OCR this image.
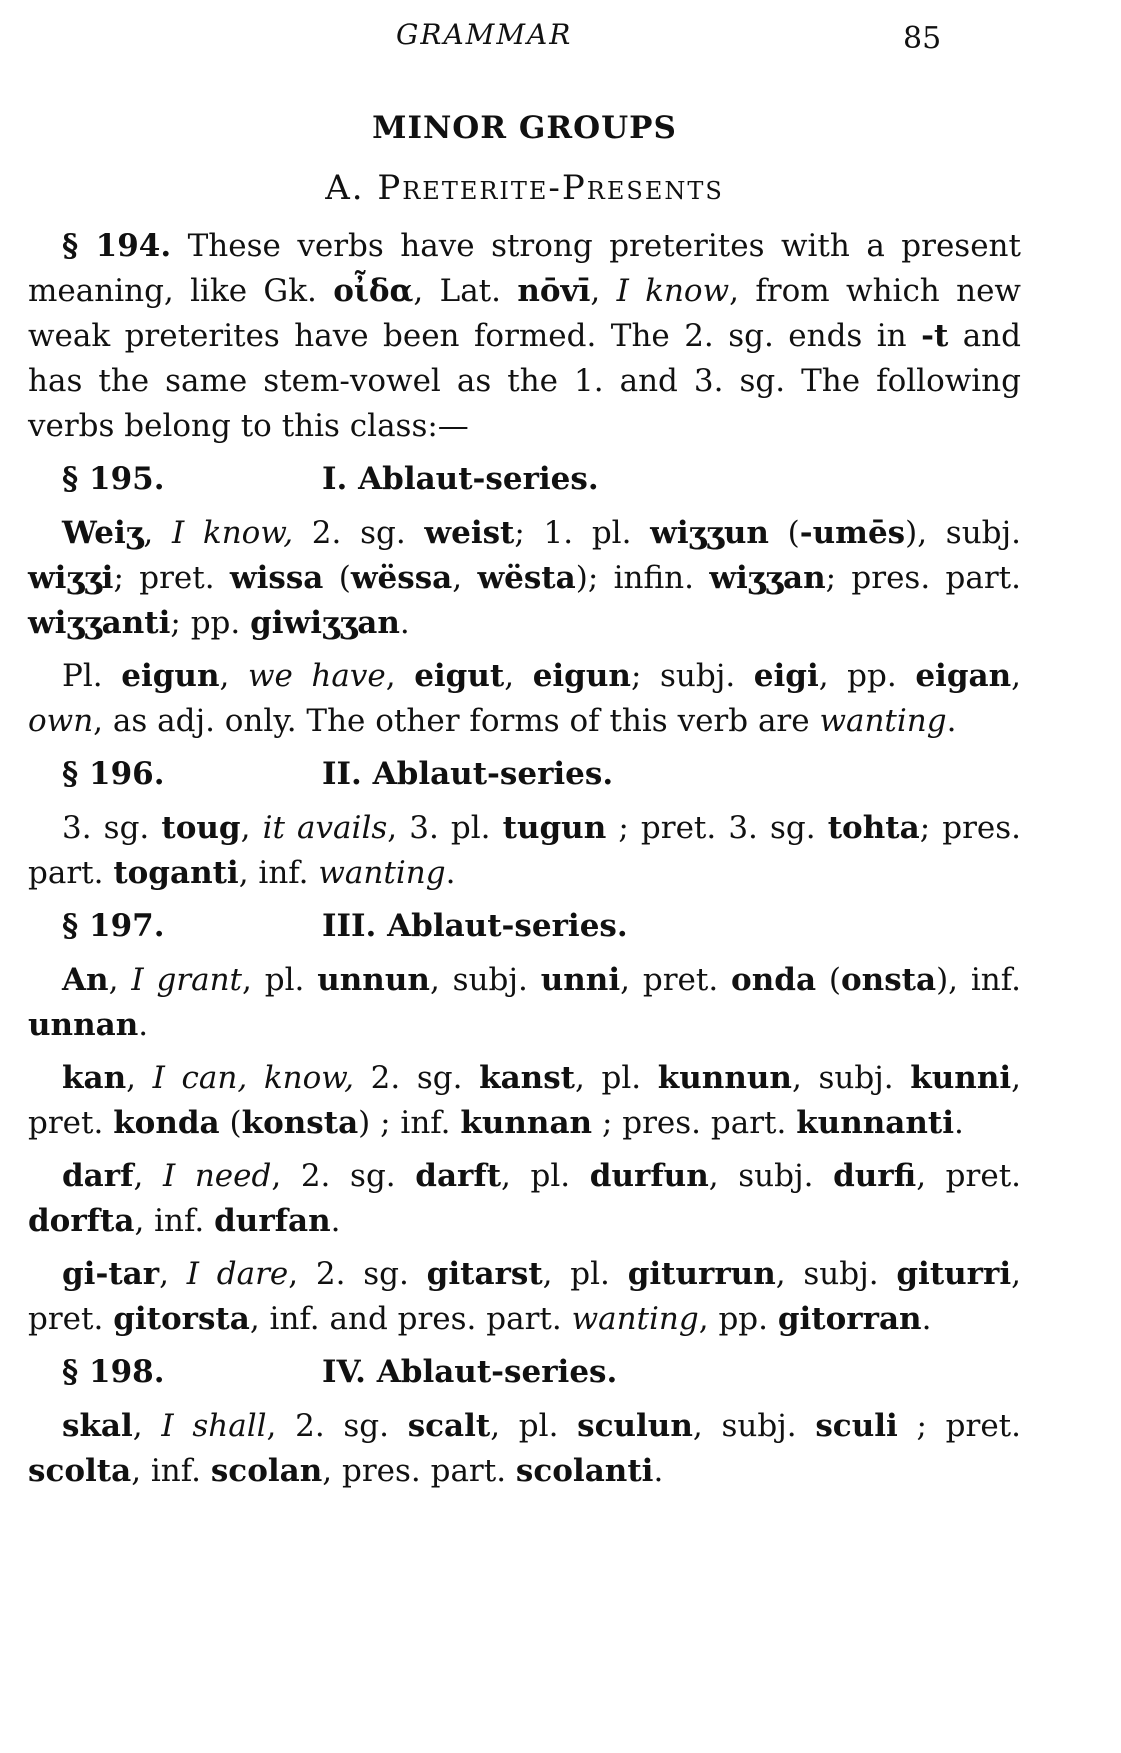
GRAMMAR	85
MINOR GROUPS
A. Preterite-Presents

§ 194. These verbs have strong preterites with a present meaning, like Gk. οἶδα, Lat. nōvī, I know, from which new weak preterites have been formed. The 2. sg. ends in -t and has the same stem-vowel as the 1. and 3. sg. The following verbs belong to this class:—

§ 195.	I. Ablaut-series.

Weiʒ, I know, 2. sg. weist; 1. pl. wiʒʒun (-umēs), subj. wiʒʒi; pret. wissa (wëssa, wësta); infin. wiʒʒan; pres. part. wiʒʒanti; pp. giwiʒʒan.

Pl. eigun, we have, eigut, eigun; subj. eigi, pp. eigan, own, as adj. only. The other forms of this verb are wanting.

§ 196.	II. Ablaut-series.

3. sg. toug, it avails, 3. pl. tugun ; pret. 3. sg. tohta; pres. part. toganti, inf. wanting.

§ 197.	III. Ablaut-series.

An, I grant, pl. unnun, subj. unni, pret. onda (onsta), inf. unnan.

kan, I can, know, 2. sg. kanst, pl. kunnun, subj. kunni, pret. konda (konsta) ; inf. kunnan ; pres. part. kunnanti.

darf, I need, 2. sg. darft, pl. durfun, subj. durfi, pret. dorfta, inf. durfan.

gi-tar, I dare, 2. sg. gitarst, pl. giturrun, subj. giturri, pret. gitorsta, inf. and pres. part. wanting, pp. gitorran.

§ 198.	IV. Ablaut-series.

skal, I shall, 2. sg. scalt, pl. sculun, subj. sculi ; pret. scolta, inf. scolan, pres. part. scolanti.
